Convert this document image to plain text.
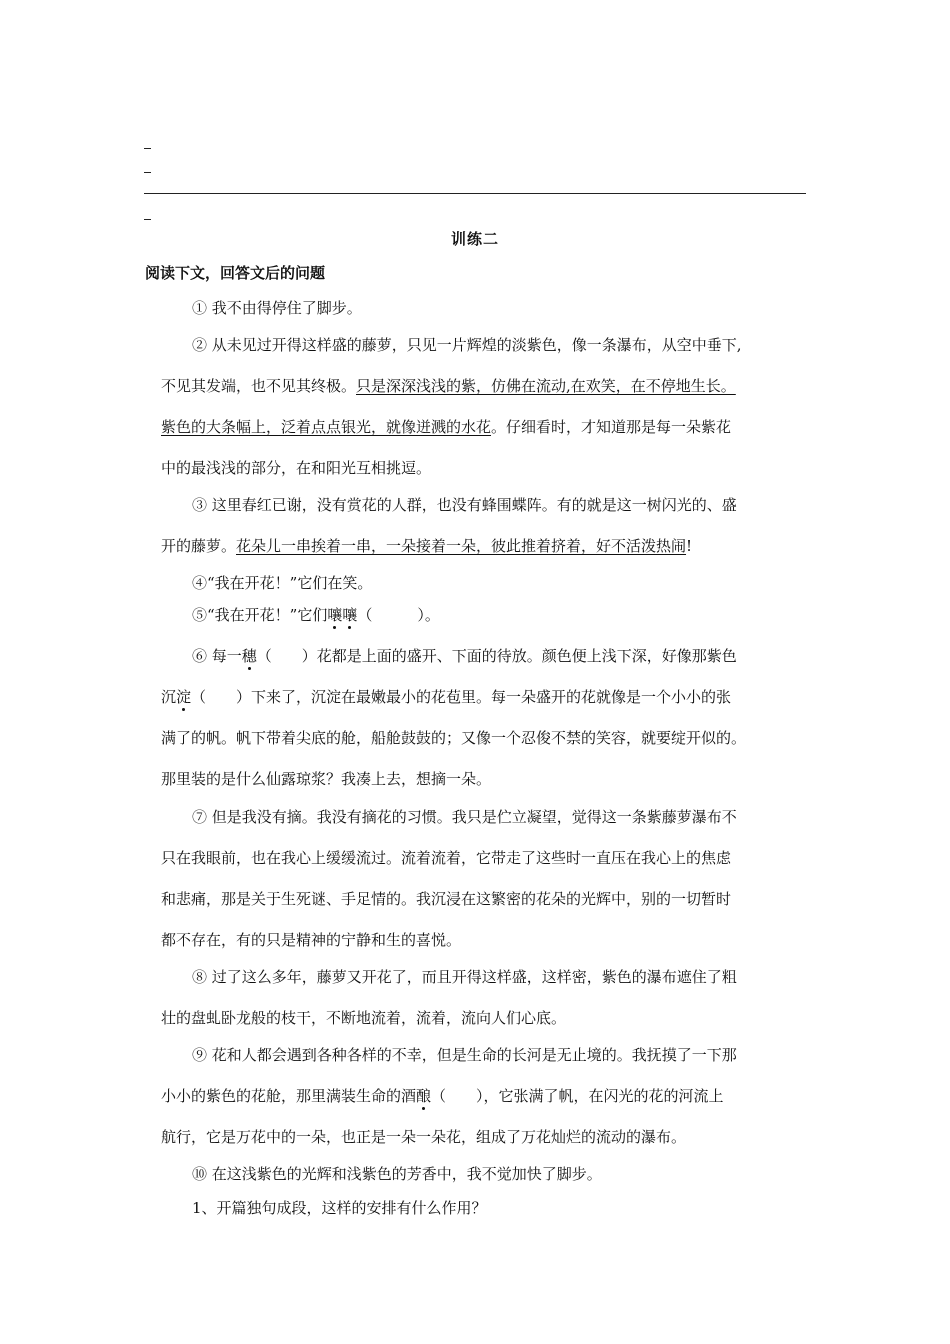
训练二
阅读下文，回答文后的问题
① 我不由得停住了脚步。
② 从未见过开得这样盛的藤萝，只见一片辉煌的淡紫色，像一条瀑布，从空中垂下,
不见其发端，也不见其终极。只是深深浅浅的紫，仿佛在流动,在欢笑，在不停地生长。
紫色的大条幅上，泛着点点银光，就像迸溅的水花。仔细看时，才知道那是每一朵紫花
中的最浅浅的部分，在和阳光互相挑逗。
③ 这里春红已谢，没有赏花的人群，也没有蜂围蝶阵。有的就是这一树闪光的、盛
开的藤萝。花朵儿一串挨着一串，一朵接着一朵，彼此推着挤着，好不活泼热闹!
④“我在开花！”它们在笑。
⑤“我在开花！”它们嚷嚷（　　　）。
⑥ 每一穗（　　）花都是上面的盛开、下面的待放。颜色便上浅下深，好像那紫色
沉淀（　　）下来了，沉淀在最嫩最小的花苞里。每一朵盛开的花就像是一个小小的张
满了的帆。帆下带着尖底的舱，船舱鼓鼓的；又像一个忍俊不禁的笑容，就要绽开似的。
那里装的是什么仙露琼浆？我凑上去，想摘一朵。
⑦ 但是我没有摘。我没有摘花的习惯。我只是伫立凝望，觉得这一条紫藤萝瀑布不
只在我眼前，也在我心上缓缓流过。流着流着，它带走了这些时一直压在我心上的焦虑
和悲痛，那是关于生死谜、手足情的。我沉浸在这繁密的花朵的光辉中，别的一切暂时
都不存在，有的只是精神的宁静和生的喜悦。
⑧ 过了这么多年，藤萝又开花了，而且开得这样盛，这样密，紫色的瀑布遮住了粗
壮的盘虬卧龙般的枝干，不断地流着，流着，流向人们心底。
⑨ 花和人都会遇到各种各样的不幸，但是生命的长河是无止境的。我抚摸了一下那
小小的紫色的花舱，那里满装生命的酒酿（　　），它张满了帆，在闪光的花的河流上
航行，它是万花中的一朵，也正是一朵一朵花，组成了万花灿烂的流动的瀑布。
⑩ 在这浅紫色的光辉和浅紫色的芳香中，我不觉加快了脚步。
1、开篇独句成段，这样的安排有什么作用？
